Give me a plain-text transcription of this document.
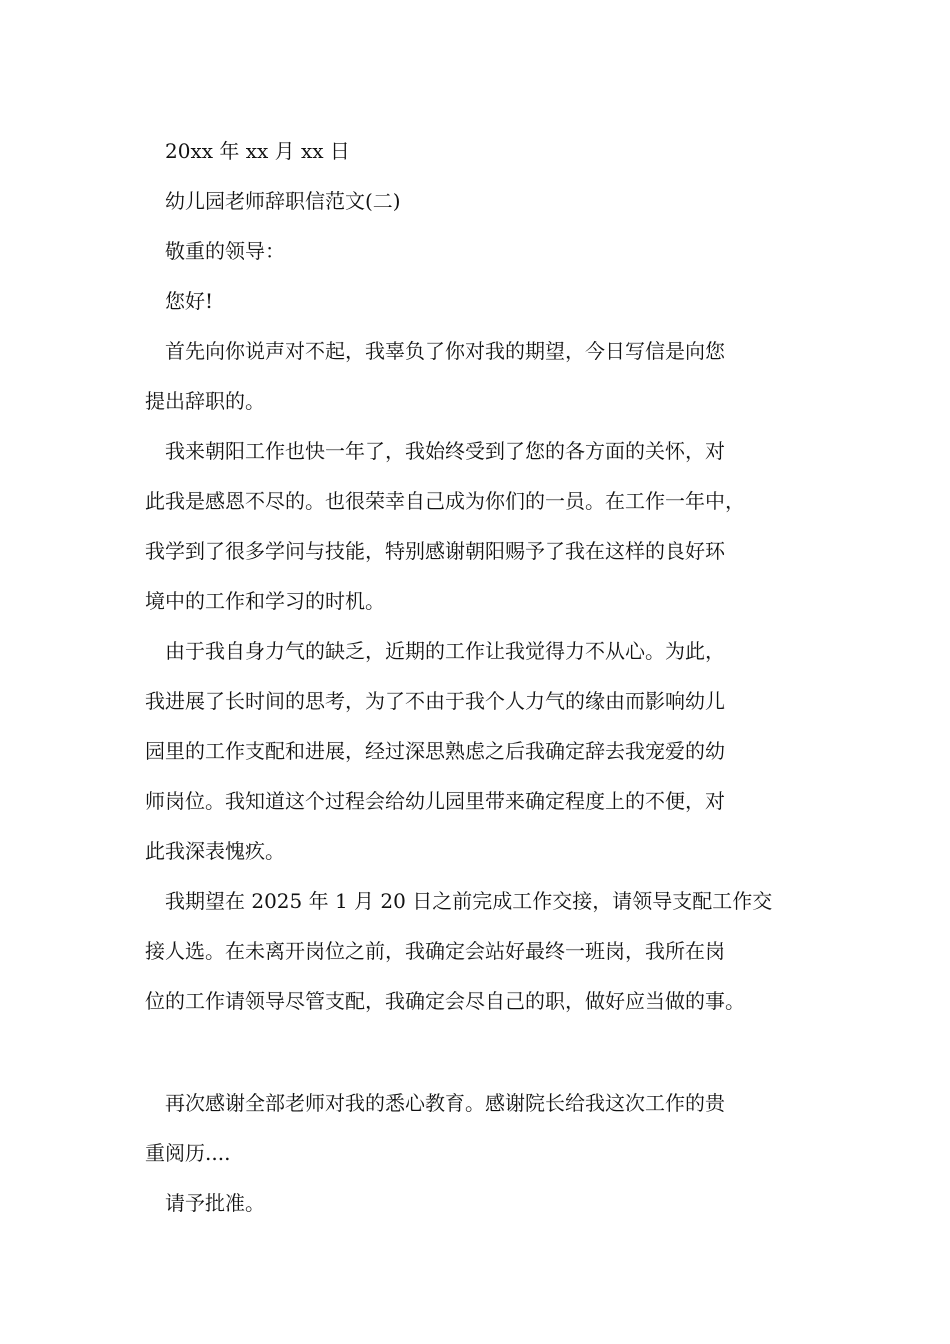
20xx 年 xx 月 xx 日

幼儿园老师辞职信范文(二)

敬重的领导：

您好!

首先向你说声对不起，我辜负了你对我的期望，今日写信是向您

提出辞职的。

我来朝阳工作也快一年了，我始终受到了您的各方面的关怀，对

此我是感恩不尽的。也很荣幸自己成为你们的一员。在工作一年中，

我学到了很多学问与技能，特别感谢朝阳赐予了我在这样的良好环

境中的工作和学习的时机。

由于我自身力气的缺乏，近期的工作让我觉得力不从心。为此，

我进展了长时间的思考，为了不由于我个人力气的缘由而影响幼儿

园里的工作支配和进展，经过深思熟虑之后我确定辞去我宠爱的幼

师岗位。我知道这个过程会给幼儿园里带来确定程度上的不便，对

此我深表愧疚。

我期望在 2025 年 1 月 20 日之前完成工作交接，请领导支配工作交

接人选。在未离开岗位之前，我确定会站好最终一班岗，我所在岗

位的工作请领导尽管支配，我确定会尽自己的职，做好应当做的事。

再次感谢全部老师对我的悉心教育。感谢院长给我这次工作的贵

重阅历....

请予批准。
